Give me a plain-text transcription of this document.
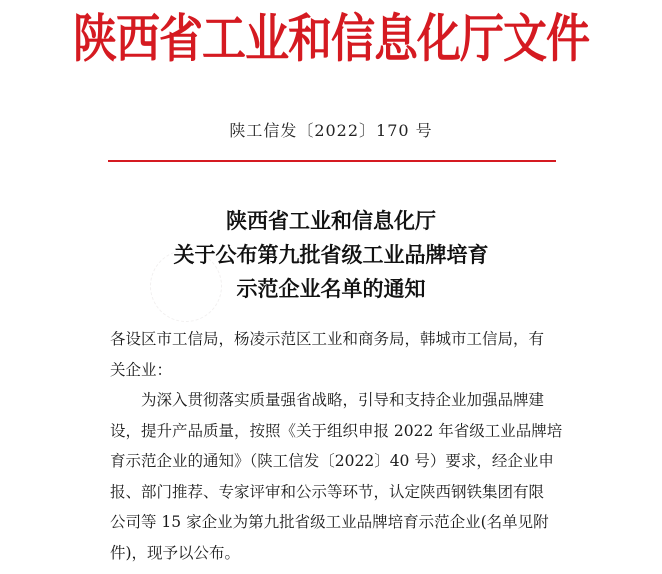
陕西省工业和信息化厅文件
陕工信发〔2022〕170 号
陕西省工业和信息化厅
关于公布第九批省级工业品牌培育
示范企业名单的通知
各设区市工信局，杨凌示范区工业和商务局，韩城市工信局，有
关企业：
为深入贯彻落实质量强省战略，引导和支持企业加强品牌建
设，提升产品质量，按照《关于组织申报 2022 年省级工业品牌培
育示范企业的通知》（陕工信发〔2022〕40 号）要求，经企业申
报、部门推荐、专家评审和公示等环节，认定陕西钢铁集团有限
公司等 15 家企业为第九批省级工业品牌培育示范企业(名单见附
件)，现予以公布。
